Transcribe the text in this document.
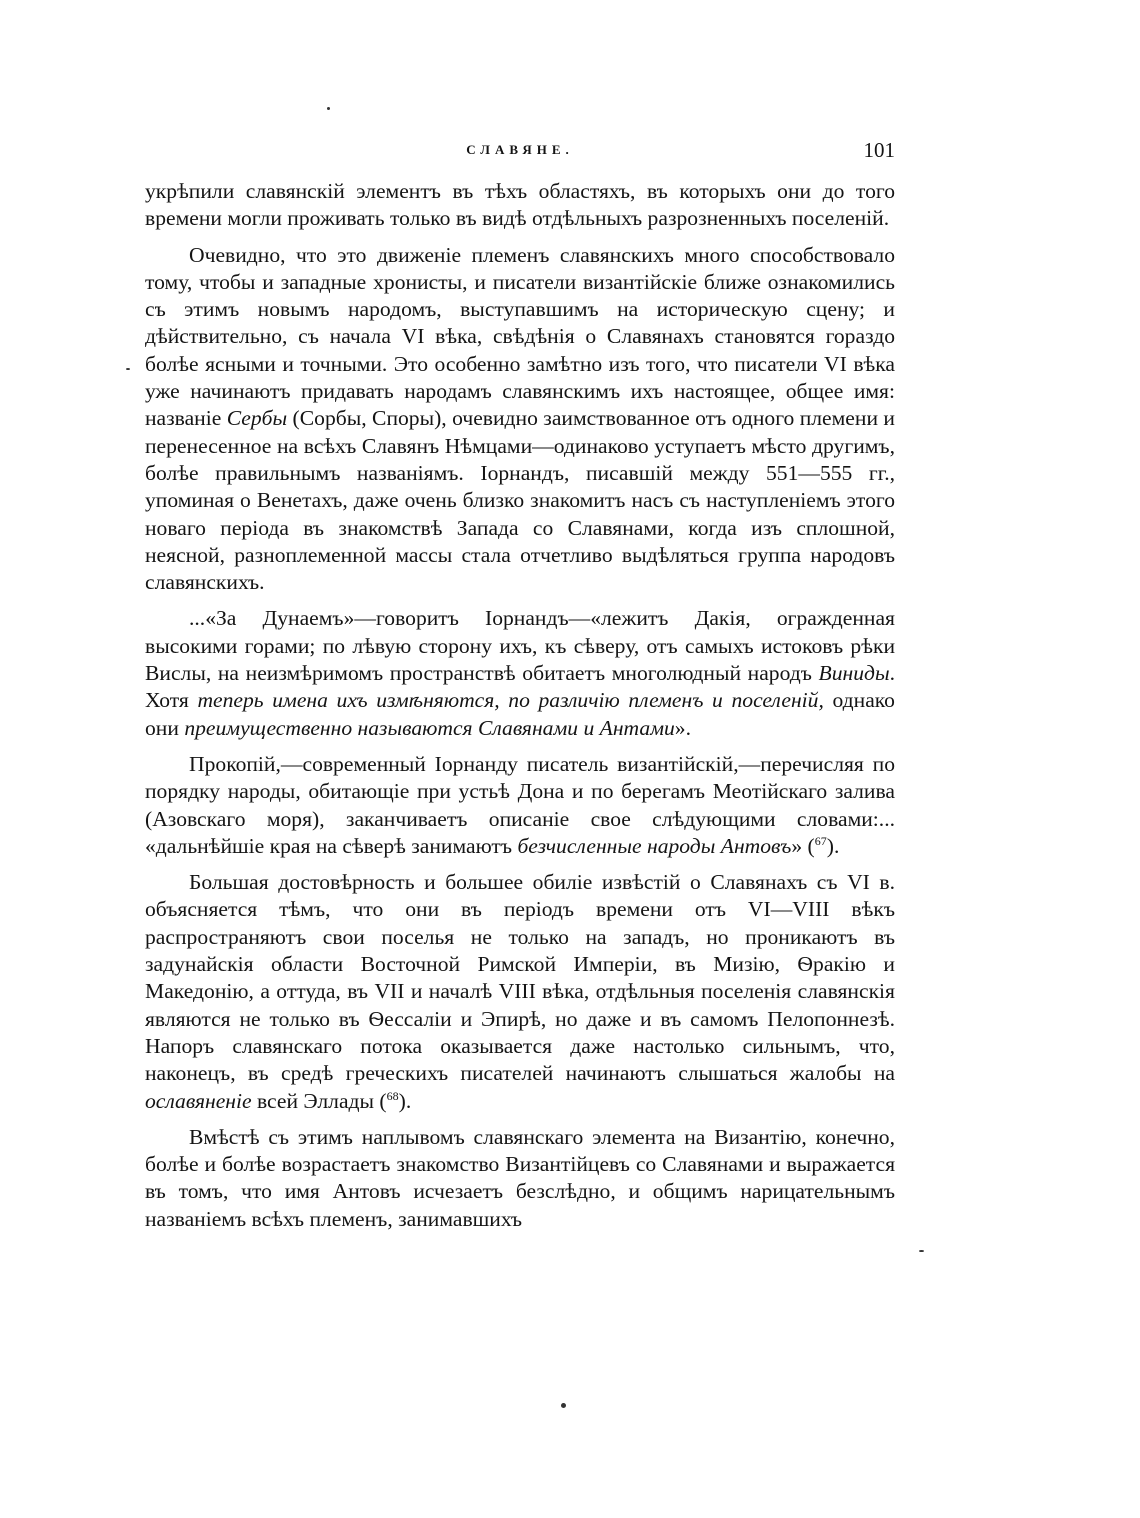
СЛАВЯНЕ.	101

укрѣпили славянскій элементъ въ тѣхъ областяхъ, въ которыхъ они до того времени могли проживать только въ видѣ отдѣльныхъ разрозненныхъ поселеній.

Очевидно, что это движеніе племенъ славянскихъ много способствовало тому, чтобы и западные хронисты, и писатели византійскіе ближе ознакомились съ этимъ новымъ народомъ, выступавшимъ на историческую сцену; и дѣйствительно, съ начала VI вѣка, свѣдѣнія о Славянахъ становятся гораздо болѣе ясными и точными. Это особенно замѣтно изъ того, что писатели VI вѣка уже начинаютъ придавать народамъ славянскимъ ихъ настоящее, общее имя: названіе Сербы (Сорбы, Споры), очевидно заимствованное отъ одного племени и перенесенное на всѣхъ Славянъ Нѣмцами—одинаково уступаетъ мѣсто другимъ, болѣе правильнымъ названіямъ. Іорнандъ, писавшій между 551—555 гг., упоминая о Венетахъ, даже очень близко знакомитъ насъ съ наступленіемъ этого новаго періода въ знакомствѣ Запада со Славянами, когда изъ сплошной, неясной, разноплеменной массы стала отчетливо выдѣляться группа народовъ славянскихъ.

...«За Дунаемъ»—говоритъ Іорнандъ—«лежитъ Дакія, огражденная высокими горами; по лѣвую сторону ихъ, къ сѣверу, отъ самыхъ истоковъ рѣки Вислы, на неизмѣримомъ пространствѣ обитаетъ многолюдный народъ Виниды. Хотя теперь имена ихъ измѣняются, по различію племенъ и поселеній, однако они преимущественно называются Славянами и Антами».

Прокопій,—современный Іорнанду писатель византійскій,—перечисляя по порядку народы, обитающіе при устьѣ Дона и по берегамъ Меотійскаго залива (Азовскаго моря), заканчиваетъ описаніе свое слѣдующими словами:... «дальнѣйшіе края на сѣверѣ занимаютъ безчисленные народы Антовъ» ($^{67}$).

Большая достовѣрность и большее обиліе извѣстій о Славянахъ съ VI в. объясняется тѣмъ, что они въ періодъ времени отъ VI—VIII вѣкъ распространяютъ свои поселья не только на западъ, но проникаютъ въ задунайскія области Восточной Римской Имперіи, въ Мизію, Ѳракію и Македонію, а оттуда, въ VII и началѣ VIII вѣка, отдѣльныя поселенія славянскія являются не только въ Ѳессаліи и Эпирѣ, но даже и въ самомъ Пелопоннезѣ. Напоръ славянскаго потока оказывается даже настолько сильнымъ, что, наконецъ, въ средѣ греческихъ писателей начинаютъ слышаться жалобы на ославяненіе всей Эллады ($^{68}$).

Вмѣстѣ съ этимъ наплывомъ славянскаго элемента на Византію, конечно, болѣе и болѣе возрастаетъ знакомство Византійцевъ со Славянами и выражается въ томъ, что имя Антовъ исчезаетъ безслѣдно, и общимъ нарицательнымъ названіемъ всѣхъ племенъ, занимавшихъ
